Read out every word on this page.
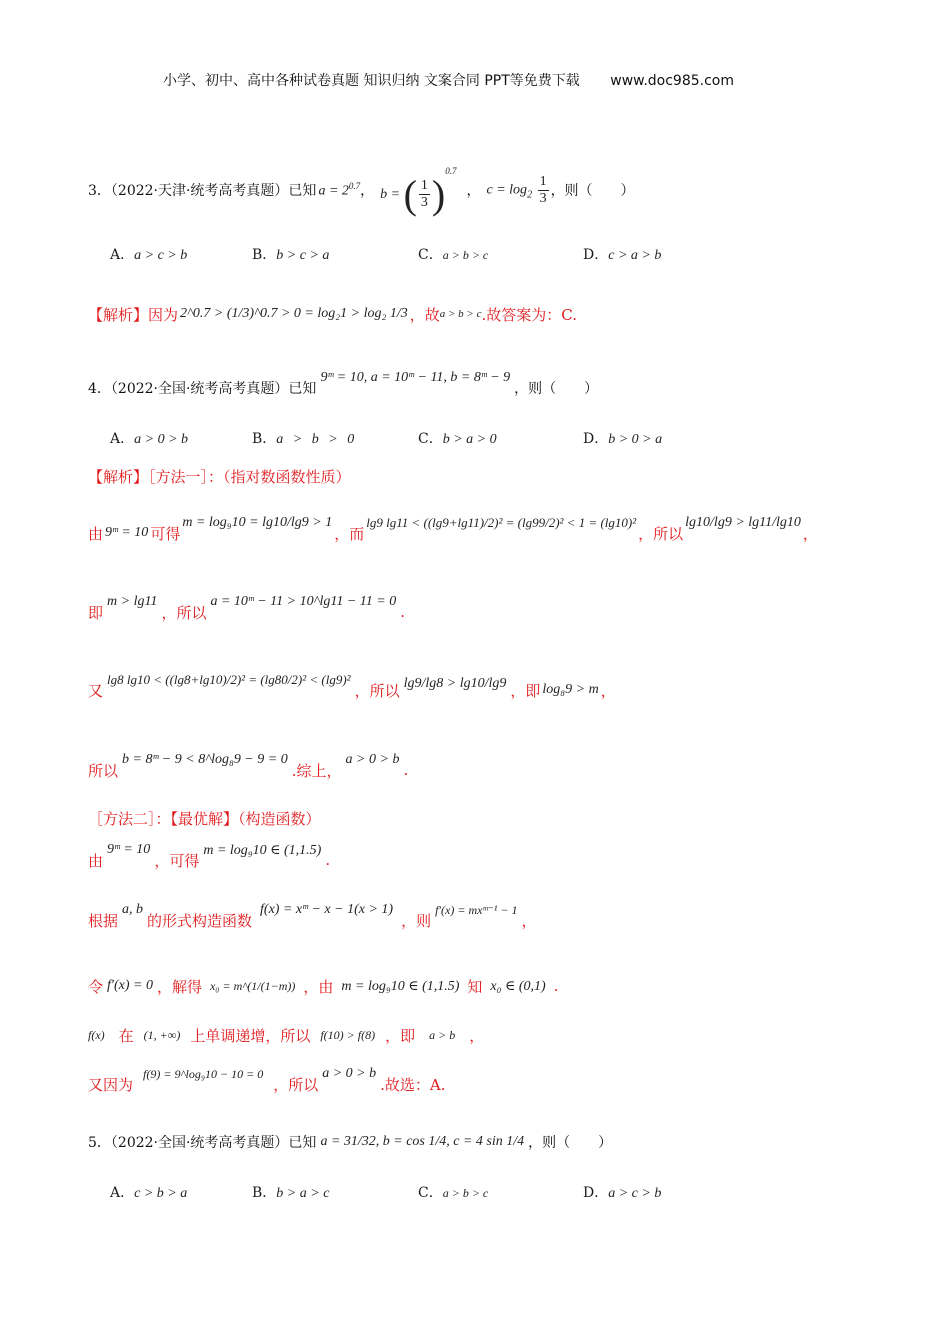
小学、初中、高中各种试卷真题 知识归纳 文案合同 PPT等免费下载 www.doc985.com
3．（2022·天津·统考高考真题）已知 $a = 2^{0.7}$ ， b = ( $\frac{1}{3} )^{0.7}$
， $c = \log_2 \frac{1}{3}$ ，则（　　）
A．a > c > b	B．b > c > a	C．a > b > c	D．c > a > b
【解析】因为 2^0.7 > (1/3)^0.7 > 0 = log₂1 > log₂ 1/3 ，故 a > b > c .故答案为：C.
4．（2022·全国·统考高考真题）已知
9ᵐ = 10, a = 10ᵐ − 11, b = 8ᵐ − 9
，则（　　）
A．a > 0 > b	B．a > b > 0	C．b > a > 0	D．b > 0 > a
【解析】［方法一］：（指对数函数性质）
由 9ᵐ = 10 可得
m = log₉10 = lg10/lg9 > 1
，而
lg9 lg11 < ((lg9+lg11)/2)² = (lg99/2)² < 1 = (lg10)²
，所以
lg10/lg9 > lg11/lg10
，
即
m > lg11
，所以
a = 10ᵐ − 11 > 10^lg11 − 11 = 0
.
又
lg8 lg10 < ((lg8+lg10)/2)² = (lg80/2)² < (lg9)²
，所以 lg9/lg8 > lg10/lg9 ，即 log₈9 > m ，
所以
b = 8ᵐ − 9 < 8^log₈9 − 9 = 0
.综上，
a > 0 > b
.
［方法二］：【最优解】（构造函数）
由
9ᵐ = 10
，可得
m = log₉10 ∈ (1,1.5)
.
根据
a, b
的形式构造函数
f(x) = xᵐ − x − 1(x > 1)
，则
f′(x) = mxᵐ⁻¹ − 1
，
令 f′(x) = 0 ，解得 x₀ = m^(1/(1−m)) ，由 m = log₉10 ∈ (1,1.5) 知 x₀ ∈ (0,1) .
f(x) 在 (1, +∞) 上单调递增，所以 f(10) > f(8) ，即 a > b ，
又因为
f(9) = 9^log₉10 − 10 = 0
，所以
a > 0 > b
.故选：A.
5．（2022·全国·统考高考真题）已知 a = 31/32, b = cos 1/4, c = 4 sin 1/4 ，则（　　）
A．c > b > a	B．b > a > c	C．a > b > c	D．a > c > b
